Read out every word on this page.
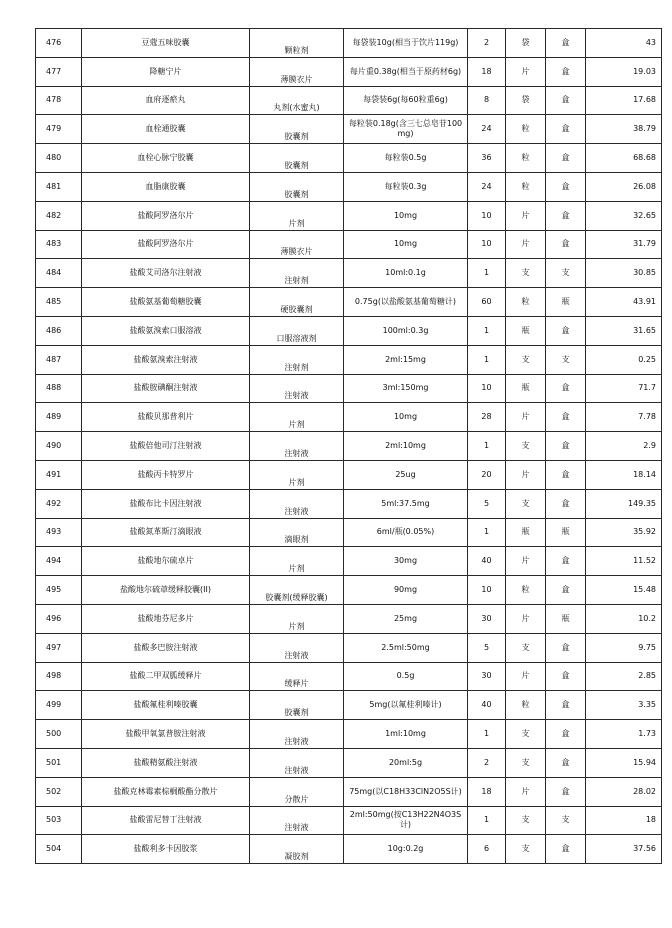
476	豆蔻五味胶囊	颗粒剂	每袋装10g(相当于饮片119g)	2	袋	盒	43
477	降糖宁片	薄膜衣片	每片重0.38g(相当于原药材6g)	18	片	盒	19.03
478	血府逐瘀丸	丸剂(水蜜丸)	每袋装6g(每60粒重6g)	8	袋	盒	17.68
479	血栓通胶囊	胶囊剂	每粒装0.18g(含三七总皂苷100mg)	24	粒	盒	38.79
480	血栓心脉宁胶囊	胶囊剂	每粒装0.5g	36	粒	盒	68.68
481	血脂康胶囊	胶囊剂	每粒装0.3g	24	粒	盒	26.08
482	盐酸阿罗洛尔片	片剂	10mg	10	片	盒	32.65
483	盐酸阿罗洛尔片	薄膜衣片	10mg	10	片	盒	31.79
484	盐酸艾司洛尔注射液	注射剂	10ml:0.1g	1	支	支	30.85
485	盐酸氨基葡萄糖胶囊	硬胶囊剂	0.75g(以盐酸氨基葡萄糖计)	60	粒	瓶	43.91
486	盐酸氨溴索口服溶液	口服溶液剂	100ml:0.3g	1	瓶	盒	31.65
487	盐酸氨溴索注射液	注射剂	2ml:15mg	1	支	支	0.25
488	盐酸胺碘酮注射液	注射液	3ml:150mg	10	瓶	盒	71.7
489	盐酸贝那普利片	片剂	10mg	28	片	盒	7.78
490	盐酸倍他司汀注射液	注射液	2ml:10mg	1	支	盒	2.9
491	盐酸丙卡特罗片	片剂	25ug	20	片	盒	18.14
492	盐酸布比卡因注射液	注射液	5ml:37.5mg	5	支	盒	149.35
493	盐酸氮革斯汀滴眼液	滴眼剂	6ml/瓶(0.05%)	1	瓶	瓶	35.92
494	盐酸地尔硫卓片	片剂	30mg	40	片	盒	11.52
495	盐酸地尔硫䓬缓释胶囊(II)	胶囊剂(缓释胶囊)	90mg	10	粒	盒	15.48
496	盐酸地芬尼多片	片剂	25mg	30	片	瓶	10.2
497	盐酸多巴胺注射液	注射液	2.5ml:50mg	5	支	盒	9.75
498	盐酸二甲双胍缓释片	缓释片	0.5g	30	片	盒	2.85
499	盐酸氟桂利嗪胶囊	胶囊剂	5mg(以氟桂利嗪计)	40	粒	盒	3.35
500	盐酸甲氧氯普胺注射液	注射液	1ml:10mg	1	支	盒	1.73
501	盐酸精氨酸注射液	注射液	20ml:5g	2	支	盒	15.94
502	盐酸克林霉素棕榈酸酯分散片	分散片	75mg(以C18H33ClN2O5S计)	18	片	盒	28.02
503	盐酸雷尼替丁注射液	注射液	2ml:50mg(按C13H22N4O3S计)	1	支	支	18
504	盐酸利多卡因胶浆	凝胶剂	10g:0.2g	6	支	盒	37.56
